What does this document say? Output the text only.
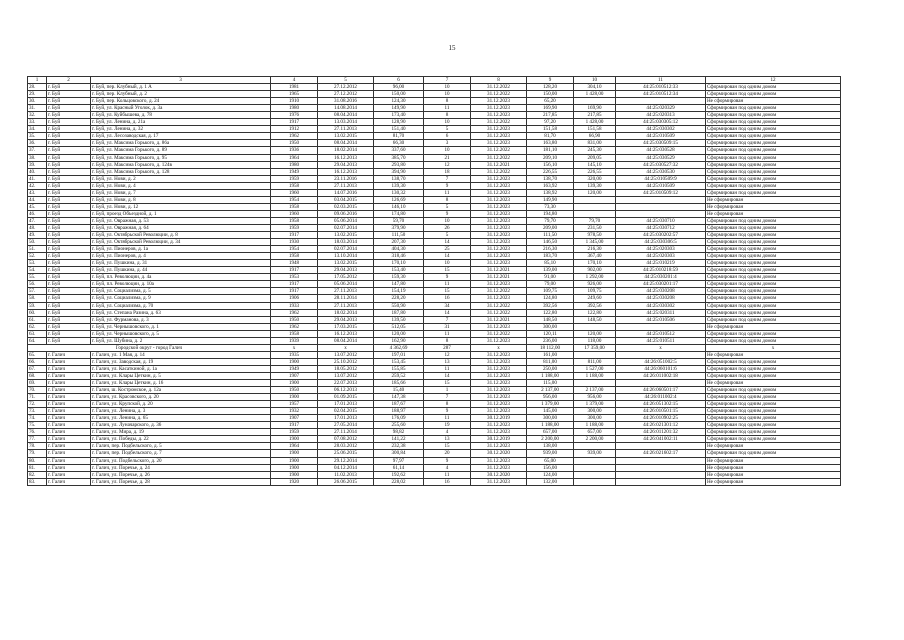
15
1	2	3	4	5	6	7	8	9	10	11	12
28.	г. Буй	г. Буй, пер. Клубный, д. 1 А	1981	27.12.2012	96,00	10	31.12.2022	128,20	304,10	44:25:010512:33	Сформирован под одним домом
29.	г. Буй	г. Буй, пер. Клубный, д. 2	1965	27.12.2012	150,00	10	31.12.2022	150,00	1 428,00	44:25:010512:34	Сформирован под одним домом
30.	г. Буй	г. Буй, пер. Кольцовского, д. 24	1910	31.08.2016	124,30	8	31.12.2023	65,20			Не сформирован
31.	г. Буй	г. Буй, ул. Красный Уголок, д. 3а	1980	14.08.2014	149,90	11	31.12.2023	169,90	169,90	44:25:020329	Сформирован под одним домом
32.	г. Буй	г. Буй, ул. Куйбышева, д. 78	1976	08.04.2014	173,40	8	31.12.2023	217,85	217,85	44:25:020313	Сформирован под одним домом
33.	г. Буй	г. Буй, ул. Ленина, д. 21а	1917	13.03.2014	128,90	10	31.12.2022	97,20	1 428,00	44:25:030305:12	Сформирован под одним домом
34.	г. Буй	г. Буй, ул. Ленина, д. 32	1912	27.11.2013	151,40	5	31.12.2023	151,58	151,58	44:25:030302	Сформирован под одним домом
35.	г. Буй	г. Буй, ул. Лесозаводская, д. 17	1962	13.02.2015	81,70	6	31.12.2023	81,70	66,90	44:25:010509	Сформирован под одним домом
36.	г. Буй	г. Буй, ул. Максима Горького, д. 86а	1950	08.04.2014	66,30	3	31.12.2023	163,80	831,00	44:25:030509:15	Сформирован под одним домом
37.	г. Буй	г. Буй, ул. Максима Горького, д. 89	1936	18.02.2014	337,60	10	31.12.2022	181,10	245,30	44:25:030528	Сформирован под одним домом
38.	г. Буй	г. Буй, ул. Максима Горького, д. 95	1964	16.12.2013	385,70	21	31.12.2022	209,10	209,05	44:25:030529	Сформирован под одним домом
39.	г. Буй	г. Буй, ул. Максима Горького, д. 124в	1980	29.04.2013	293,80	12	31.12.2021	156,10	145,10	44:25:030527:32	Сформирован под одним домом
40.	г. Буй	г. Буй, ул. Максима Горького, д. 128	1949	16.12.2013	394,90	18	31.12.2022	226,55	226,55	44:25:030530	Сформирован под одним домом
41.	г. Буй	г. Буй, ул. Нови, д. 2	1959	23.11.2016	138,70	7	31.12.2023	138,70	320,00	44:25:010509:9	Сформирован под одним домом
42.	г. Буй	г. Буй, ул. Нови, д. 4	1958	27.11.2013	139,30	9	31.12.2023	163,92	139,30	44:25:010509	Сформирован под одним домом
43.	г. Буй	г. Буй, ул. Нови, д. 7	1960	14.07.2016	130,32	11	31.12.2023	138,92	120,00	44:25:010509:12	Сформирован под одним домом
44.	г. Буй	г. Буй, ул. Нови, д. 8	1954	03.04.2015	126,69	8	31.12.2023	149,90			Не сформирован
45.	г. Буй	г. Буй, ул. Нови, д. 12	1958	02.03.2015	146,10	5	31.12.2023	73,30			Не сформирован
46.	г. Буй	г. Буй, проезд Объездной, д. 1	1960	09.06.2016	174,80	9	31.12.2023	194,80			Не сформирован
47.	г. Буй	г. Буй, ул. Овражная, д. 53	1958	05.06.2014	59,70	10	31.12.2023	79,70	79,70	44:25:030710	Сформирован под одним домом
48.	г. Буй	г. Буй, ул. Овражная, д. 64	1959	02.07.2014	379,90	26	31.12.2023	209,00	231,50	44:25:030712	Сформирован под одним домом
49.	г. Буй	г. Буй, ул. Октябрьской Революции, д. 8	1917	13.02.2015	111,50	5	31.12.2023	111,50	978,50	44:25:030202:57	Сформирован под одним домом
50.	г. Буй	г. Буй, ул. Октябрьской Революции, д. 34	1930	18.03.2014	207,30	14	31.12.2023	146,50	1 345,00	44:25:030306:5	Сформирован под одним домом
51.	г. Буй	г. Буй, ул. Пионеров, д. 1а	1954	02.07.2014	404,30	25	31.12.2023	216,30	216,30	44:25:020303	Сформирован под одним домом
52.	г. Буй	г. Буй, ул. Пионеров, д. 4	1958	13.10.2014	318,46	14	31.12.2023	183,70	367,40	44:25:020303	Сформирован под одним домом
53.	г. Буй	г. Буй, ул. Пушкина, д. 31	1948	13.02.2015	170,10	10	31.12.2023	85,10	170,10	44:25:010219	Сформирован под одним домом
54.	г. Буй	г. Буй, ул. Пушкина, д. 44	1917	29.04.2013	153,40	15	31.12.2021	139,00	902,00	44:25:010218:59	Сформирован под одним домом
55.	г. Буй	г. Буй, пл. Революции, д. 4а	1953	17.05.2012	159,30	9	31.12.2021	91,00	1 292,00	44:25:030201:4	Сформирован под одним домом
56.	г. Буй	г. Буй, пл. Революции, д. 10а	1917	05.06.2014	147,80	11	31.12.2023	79,00	926,00	44:25:030201:17	Сформирован под одним домом
57.	г. Буй	г. Буй, ул. Социализма, д. 5	1917	27.11.2013	154,19	15	31.12.2022	109,75	109,75	44:25:030208	Сформирован под одним домом
58.	г. Буй	г. Буй, ул. Социализма, д. 9	1906	28.11.2014	228,20	16	31.12.2023	124,80	249,60	44:25:030208	Сформирован под одним домом
59.	г. Буй	г. Буй, ул. Социализма, д. 70	1933	27.11.2013	550,90	34	31.12.2022	392,56	392,56	44:25:030302	Сформирован под одним домом
60.	г. Буй	г. Буй, ул. Степана Разина, д. 63	1962	18.02.2014	187,80	14	31.12.2022	122,80	122,80	44:25:020311	Сформирован под одним домом
61.	г. Буй	г. Буй, ул. Фурманова, д. 3	1950	29.04.2013	139,50	7	31.12.2021	148,50	148,50	44:25:010506	Сформирован под одним домом
62.	г. Буй	г. Буй, ул. Чернышовского, д. 1	1962	17.03.2015	512,05	31	31.12.2023	300,00			Не сформирован
63.	г. Буй	г. Буй, ул. Чернышовского, д. 5	1958	16.12.2013	120,00	11	31.12.2022	120,11	120,00	44:25:010512	Сформирован под одним домом
64.	г. Буй	г. Буй, ул. Шубина, д. 2	1939	08.04.2014	162,90	8	31.12.2023	236,00	118,00	44:25:010511	Сформирован под одним домом
Городской округ - город Галич			х	х	4 362,69	287	х	18 112,00	17 359,00	х	х
65.	г. Галич	г. Галич, ул. 1 Мая, д. 14	1935	13.07.2012	197,01	12	31.12.2023	161,00			Не сформирован
66.	г. Галич	г. Галич, ул. Заводская, д. 19	1900	25.10.2012	153,45	13	31.12.2023	811,00	811,00	44:26:051002:5	Сформирован под одним домом
67.	г. Галич	г. Галич, ул. Касаткиной, д. 1а	1949	18.05.2012	155,85	11	31.12.2023	250,00	1 527,00	44:26:060101:6	Сформирован под одним домом
68.	г. Галич	г. Галич, ул. Клары Цеткин, д. 5	1907	13.07.2012	259,52	14	31.12.2023	1 188,00	1 188,00	44:26:011002:18	Сформирован под одним домом
69.	г. Галич	г. Галич, ул. Клары Цеткин, д. 16	1900	22.07.2013	185,66	15	31.12.2023	115,00			Не сформирован
70.	г. Галич	г. Галич, ш. Костромское, д. 12а	1950	06.12.2013	15,40	1	31.12.2023	2 137,00	2 137,00	44:26:060501:17	Сформирован под одним домом
71.	г. Галич	г. Галич, ул. Красовского, д. 20	1900	01.09.2015	147,38	7	31.12.2023	956,00	956,00	44:26:011002:4	Сформирован под одним домом
72.	г. Галич	г. Галич, ул. Крупской, д. 20	1957	17.01.2013	187,67	8	31.12.2023	1 379,00	1 379,00	44:26:051302:15	Сформирован под одним домом
73.	г. Галич	г. Галич, ул. Ленина, д. 3	1932	02.04.2015	188,97	9	31.12.2023	145,00	300,00	44:26:010501:15	Сформирован под одним домом
74.	г. Галич	г. Галич, ул. Ленина, д. 65	1907	17.01.2013	176,09	11	30.12.2019	300,00	300,00	44:26:010902:25	Сформирован под одним домом
75.	г. Галич	г. Галич, ул. Луначарского, д. 36	1917	27.05.2014	255,60	19	31.12.2023	1 188,00	1 188,00	44:26:021301:12	Сформирован под одним домом
76.	г. Галич	г. Галич, ул. Мира, д. 19	1959	27.11.2014	98,82	4	31.12.2023	657,00	657,00	44:26:011201:32	Сформирован под одним домом
77.	г. Галич	г. Галич, ул. Победы, д. 22	1900	07.08.2012	141,22	13	30.12.2019	2 200,00	2 200,00	44:26:041002:11	Сформирован под одним домом
78.	г. Галич	г. Галич, пер. Подбельского, д. 5	1964	28.03.2012	232,38	15	31.12.2023	138,00			Не сформирован
79.	г. Галич	г. Галич, пер. Подбельского, д. 7	1900	25.06.2015	300,84	20	30.12.2020	939,00	939,00	44:26:021602:17	Сформирован под одним домом
80.	г. Галич	г. Галич, ул. Подбельского, д. 20	1900	29.12.2014	97,97	9	31.12.2023	65,00			Не сформирован
81.	г. Галич	г. Галич, ул. Поречье, д. 24	1900	04.12.2014	61,14	4	31.12.2023	156,00			Не сформирован
82.	г. Галич	г. Галич, ул. Поречье, д. 26	1900	11.02.2013	192,62	11	30.12.2020	124,00			Не сформирован
83.	г. Галич	г. Галич, ул. Поречье, д. 28	1920	26.06.2015	228,02	16	31.12.2023	132,00			Не сформирован
